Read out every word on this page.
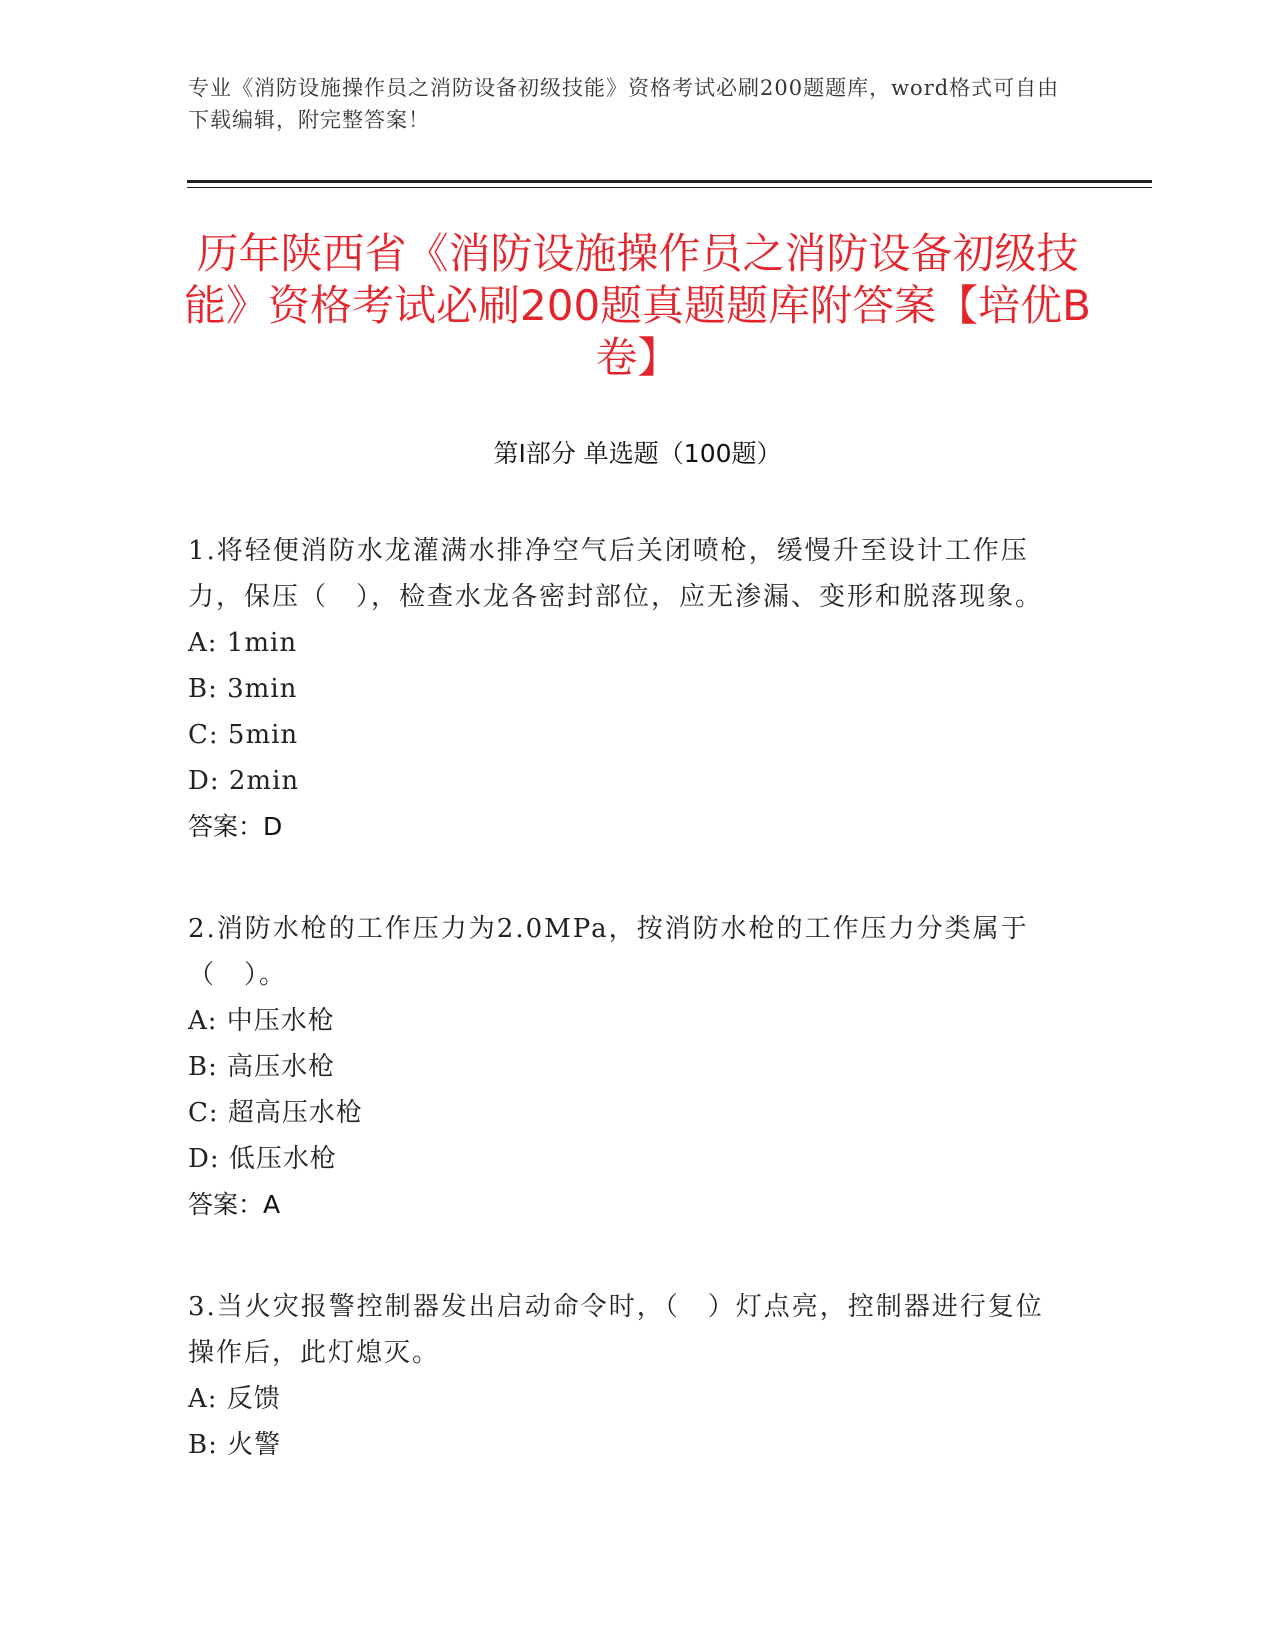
专业《消防设施操作员之消防设备初级技能》资格考试必刷200题题库，word格式可自由下载编辑，附完整答案！
历年陕西省《消防设施操作员之消防设备初级技能》资格考试必刷200题真题题库附答案【培优B卷】
第I部分 单选题（100题）

1.将轻便消防水龙灌满水排净空气后关闭喷枪，缓慢升至设计工作压力，保压（　），检查水龙各密封部位，应无渗漏、变形和脱落现象。

A: 1min

B: 3min

C: 5min

D: 2min

答案：D

2.消防水枪的工作压力为2.0MPa，按消防水枪的工作压力分类属于（　）。

A: 中压水枪

B: 高压水枪

C: 超高压水枪

D: 低压水枪

答案：A

3.当火灾报警控制器发出启动命令时，（　）灯点亮，控制器进行复位操作后，此灯熄灭。

A: 反馈

B: 火警
